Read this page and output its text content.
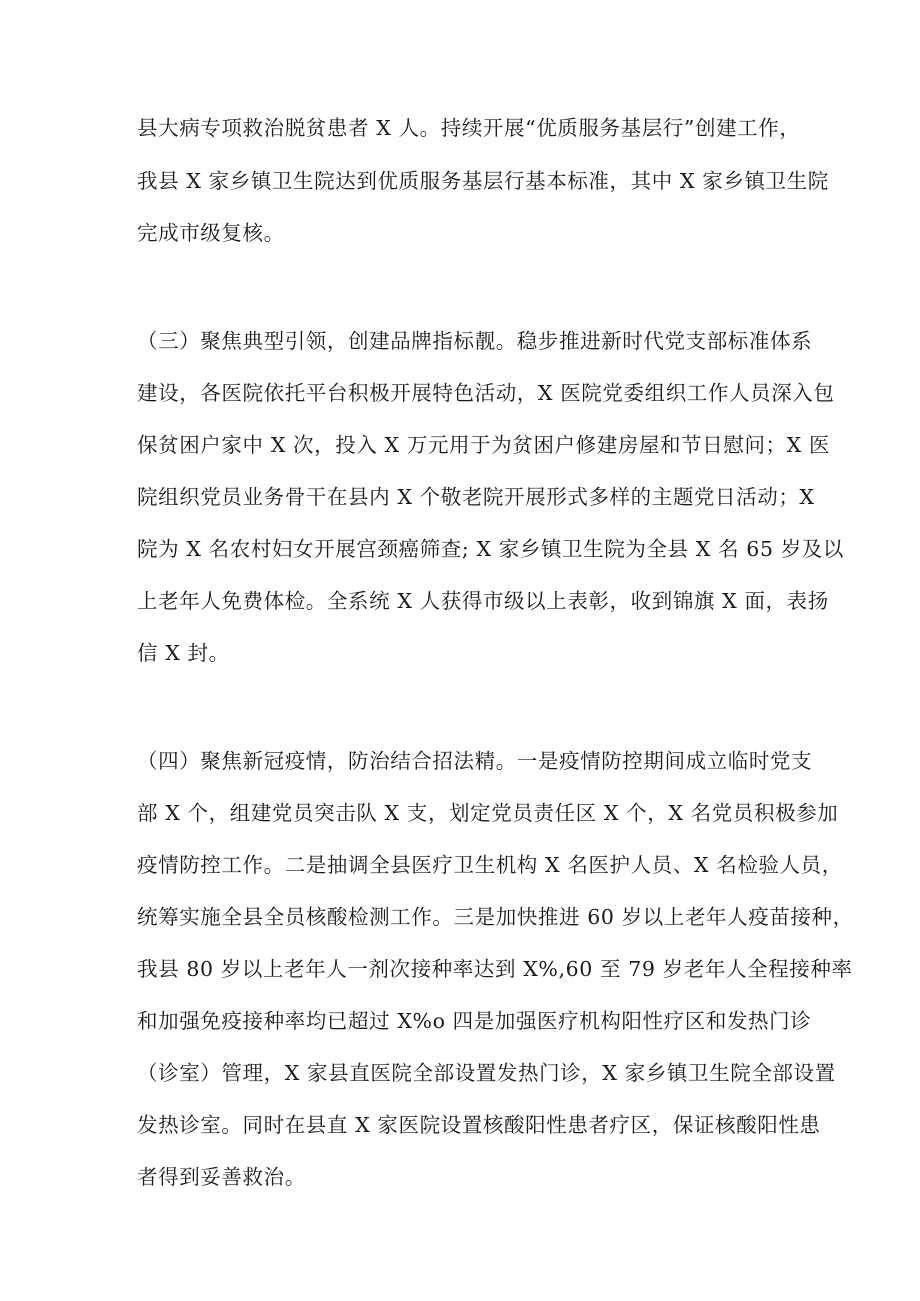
县大病专项救治脱贫患者 X 人。持续开展“优质服务基层行”创建工作，
我县 X 家乡镇卫生院达到优质服务基层行基本标准，其中 X 家乡镇卫生院
完成市级复核。
（三）聚焦典型引领，创建品牌指标靓。稳步推进新时代党支部标准体系
建设，各医院依托平台积极开展特色活动，X 医院党委组织工作人员深入包
保贫困户家中 X 次，投入 X 万元用于为贫困户修建房屋和节日慰问；X 医
院组织党员业务骨干在县内 X 个敬老院开展形式多样的主题党日活动；X
院为 X 名农村妇女开展宫颈癌筛查; X 家乡镇卫生院为全县 X 名 65 岁及以
上老年人免费体检。全系统 X 人获得市级以上表彰，收到锦旗 X 面，表扬
信 X 封。
（四）聚焦新冠疫情，防治结合招法精。一是疫情防控期间成立临时党支
部 X 个，组建党员突击队 X 支，划定党员责任区 X 个，X 名党员积极参加
疫情防控工作。二是抽调全县医疗卫生机构 X 名医护人员、X 名检验人员，
统筹实施全县全员核酸检测工作。三是加快推进 60 岁以上老年人疫苗接种，
我县 80 岁以上老年人一剂次接种率达到 X%,60 至 79 岁老年人全程接种率
和加强免疫接种率均已超过 X%o 四是加强医疗机构阳性疗区和发热门诊
（诊室）管理，X 家县直医院全部设置发热门诊，X 家乡镇卫生院全部设置
发热诊室。同时在县直 X 家医院设置核酸阳性患者疗区，保证核酸阳性患
者得到妥善救治。
